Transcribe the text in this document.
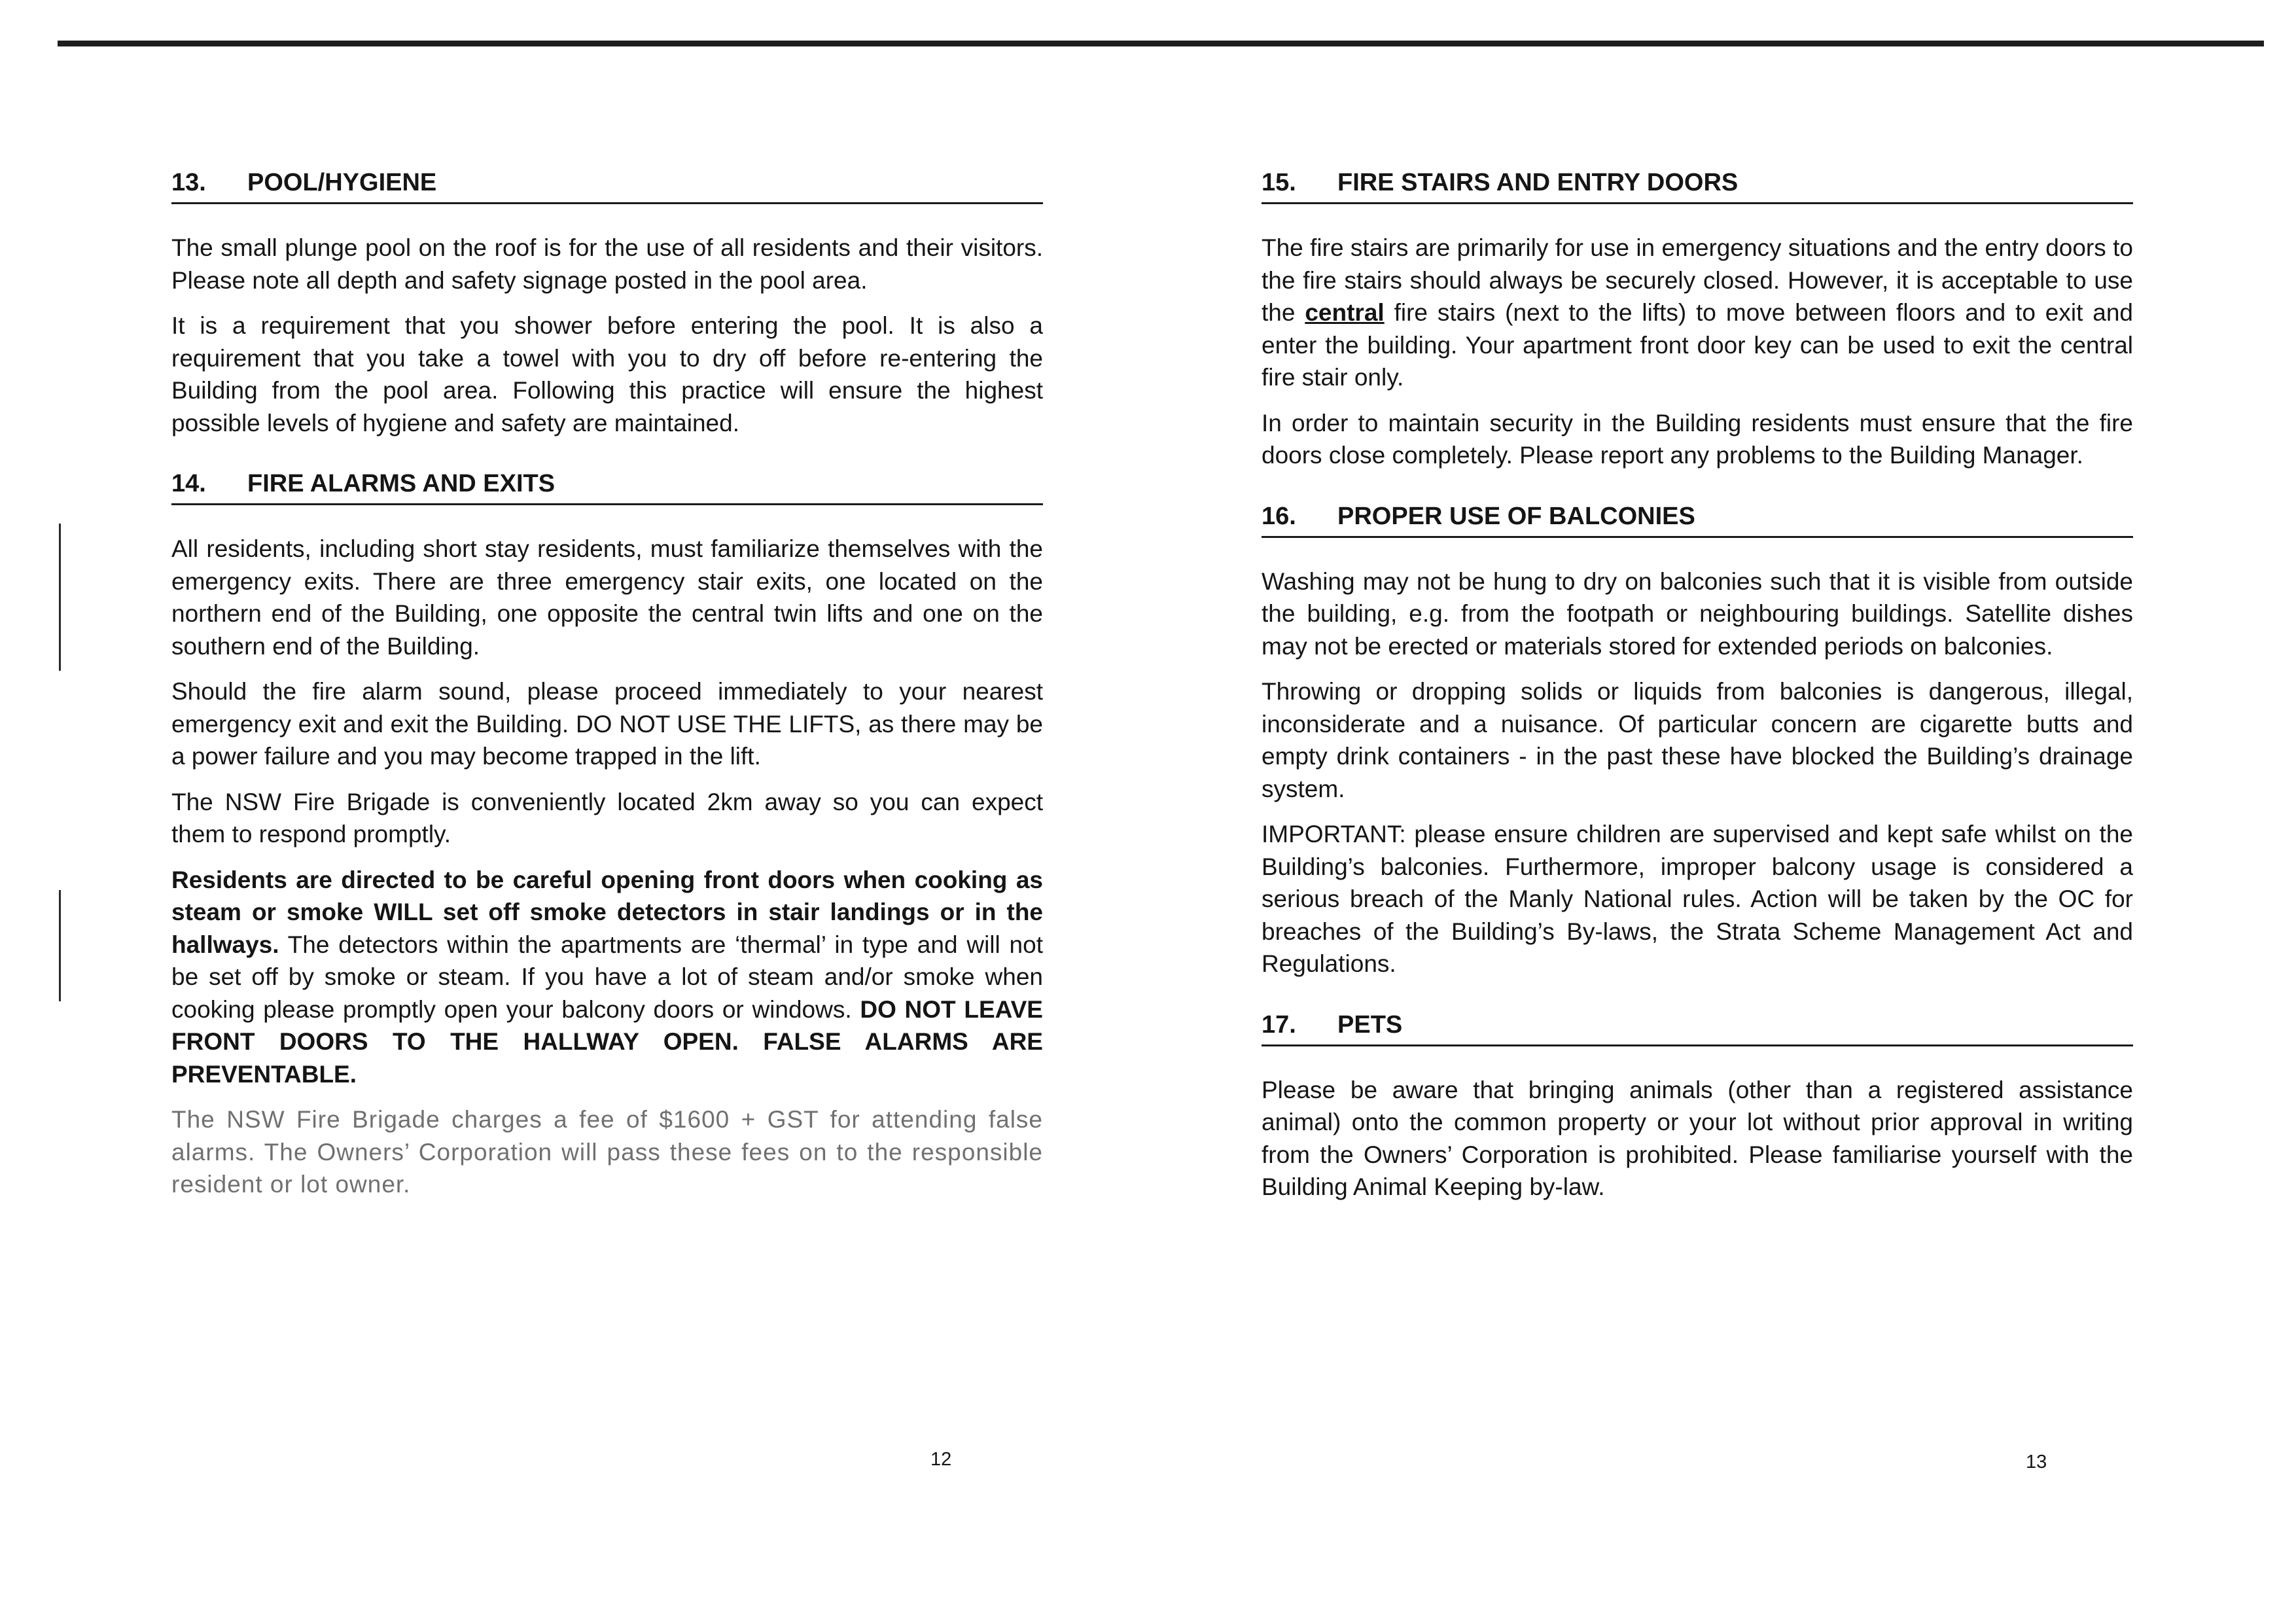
13. POOL/HYGIENE

The small plunge pool on the roof is for the use of all residents and their visitors. Please note all depth and safety signage posted in the pool area.

It is a requirement that you shower before entering the pool. It is also a requirement that you take a towel with you to dry off before re-entering the Building from the pool area. Following this practice will ensure the highest possible levels of hygiene and safety are maintained.

14. FIRE ALARMS AND EXITS

All residents, including short stay residents, must familiarize themselves with the emergency exits. There are three emergency stair exits, one located on the northern end of the Building, one opposite the central twin lifts and one on the southern end of the Building.

Should the fire alarm sound, please proceed immediately to your nearest emergency exit and exit the Building. DO NOT USE THE LIFTS, as there may be a power failure and you may become trapped in the lift.

The NSW Fire Brigade is conveniently located 2km away so you can expect them to respond promptly.

Residents are directed to be careful opening front doors when cooking as steam or smoke WILL set off smoke detectors in stair landings or in the hallways. The detectors within the apartments are ‘thermal’ in type and will not be set off by smoke or steam. If you have a lot of steam and/or smoke when cooking please promptly open your balcony doors or windows. DO NOT LEAVE FRONT DOORS TO THE HALLWAY OPEN. FALSE ALARMS ARE PREVENTABLE.

The NSW Fire Brigade charges a fee of $1600 + GST for attending false alarms. The Owners’ Corporation will pass these fees on to the responsible resident or lot owner.

12
15. FIRE STAIRS AND ENTRY DOORS

The fire stairs are primarily for use in emergency situations and the entry doors to the fire stairs should always be securely closed. However, it is acceptable to use the central fire stairs (next to the lifts) to move between floors and to exit and enter the building. Your apartment front door key can be used to exit the central fire stair only.

In order to maintain security in the Building residents must ensure that the fire doors close completely. Please report any problems to the Building Manager.

16. PROPER USE OF BALCONIES

Washing may not be hung to dry on balconies such that it is visible from outside the building, e.g. from the footpath or neighbouring buildings. Satellite dishes may not be erected or materials stored for extended periods on balconies.

Throwing or dropping solids or liquids from balconies is dangerous, illegal, inconsiderate and a nuisance. Of particular concern are cigarette butts and empty drink containers - in the past these have blocked the Building’s drainage system.

IMPORTANT: please ensure children are supervised and kept safe whilst on the Building’s balconies. Furthermore, improper balcony usage is considered a serious breach of the Manly National rules. Action will be taken by the OC for breaches of the Building’s By-laws, the Strata Scheme Management Act and Regulations.

17. PETS

Please be aware that bringing animals (other than a registered assistance animal) onto the common property or your lot without prior approval in writing from the Owners’ Corporation is prohibited. Please familiarise yourself with the Building Animal Keeping by-law.

13
